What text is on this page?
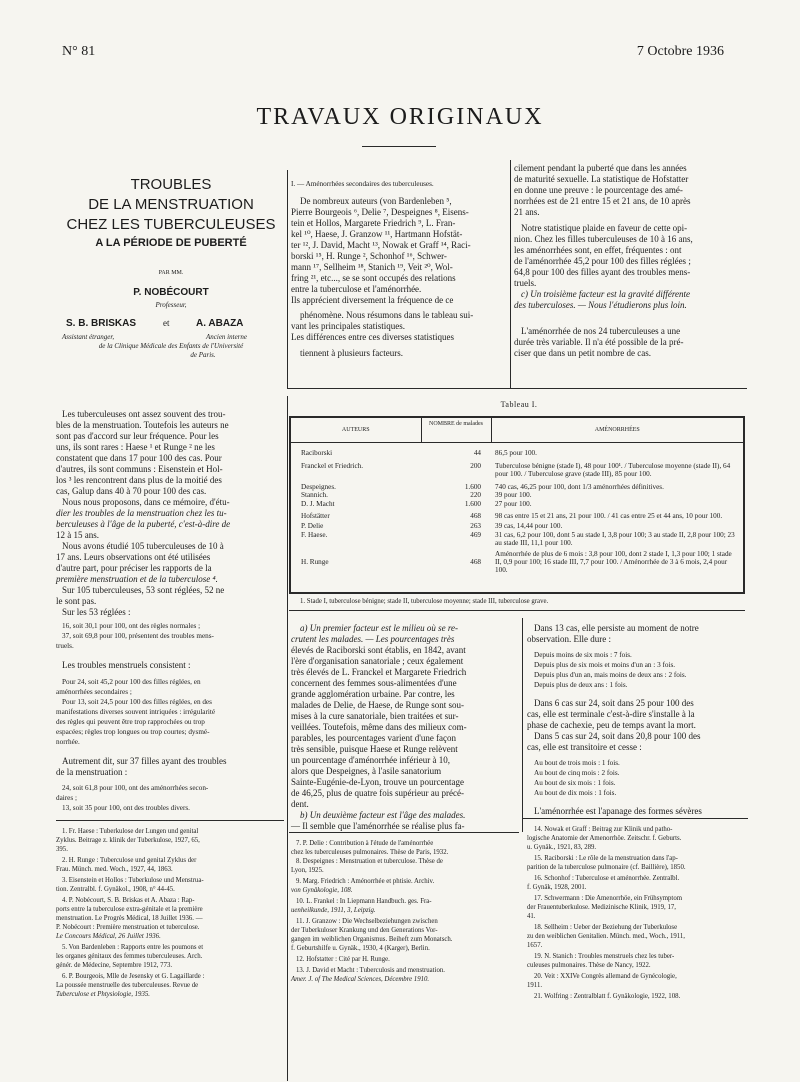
N° 81	7 Octobre 1936
TRAVAUX ORIGINAUX
TROUBLES
DE LA MENSTRUATION
CHEZ LES TUBERCULEUSES
A LA PÉRIODE DE PUBERTÉ
PAR MM.
P. NOBÉCOURT
Professeur,
S. B. BRISKAS	et	A. ABAZA
Assistant étranger,	Ancien interne
de la Clinique Médicale des Enfants de l'Université
de Paris.
Les tuberculeuses ont assez souvent des trou-
bles de la menstruation. Toutefois les auteurs ne
sont pas d'accord sur leur fréquence. Pour les
uns, ils sont rares : Haese ¹ et Runge ² ne les
constatent que dans 17 pour 100 des cas. Pour
d'autres, ils sont communs : Eisenstein et Hol-
los ³ les rencontrent dans plus de la moitié des
cas, Galup dans 40 à 70 pour 100 des cas.
Nous nous proposons, dans ce mémoire, d'étu-
dier les troubles de la menstruation chez les tu-
berculeuses à l'âge de la puberté, c'est-à-dire de
12 à 15 ans.
Nous avons étudié 105 tuberculeuses de 10 à
17 ans. Leurs observations ont été utilisées
d'autre part, pour préciser les rapports de la
première menstruation et de la tuberculose ⁴.
Sur 105 tuberculeuses, 53 sont réglées, 52 ne
le sont pas.
Sur les 53 réglées :
16, soit 30,1 pour 100, ont des règles normales ;
37, soit 69,8 pour 100, présentent des troubles mens-
truels.
Les troubles menstruels consistent :
Pour 24, soit 45,2 pour 100 des filles réglées, en
aménorrhées secondaires ;
Pour 13, soit 24,5 pour 100 des filles réglées, en des
manifestations diverses souvent intriquées : irrégularité
des règles qui peuvent être trop rapprochées ou trop
espacées; règles trop longues ou trop courtes; dysmé-
norrhée.
Autrement dit, sur 37 filles ayant des troubles
de la menstruation :
24, soit 61,8 pour 100, ont des aménorrhées secon-
daires ;
13, soit 35 pour 100, ont des troubles divers.
I. — Aménorrhées secondaires des tuberculeuses.
De nombreux auteurs (von Bardenleben ⁵,
Pierre Bourgeois ⁶, Delie ⁷, Despeignes ⁸, Eisens-
tein et Hollos, Margarete Friedrich ⁹, L. Fran-
kel ¹⁰, Haese, J. Granzow ¹¹, Hartmann Hofstät-
ter ¹², J. David, Macht ¹³, Nowak et Graff ¹⁴, Raci-
borski ¹⁵, H. Runge ², Schonhof ¹⁶, Schwer-
mann ¹⁷, Sellheim ¹⁸, Stanich ¹⁹, Veit ²⁰, Wol-
fring ²¹, etc..., se se sont occupés des relations
entre la tuberculose et l'aménorrhée.
Ils apprécient diversement la fréquence de ce
phénomène. Nous résumons dans le tableau sui-
vant les principales statistiques.
Les différences entre ces diverses statistiques
tiennent à plusieurs facteurs.
cilement pendant la puberté que dans les années
de maturité sexuelle. La statistique de Hofstatter
en donne une preuve : le pourcentage des amé-
norrhées est de 21 entre 15 et 21 ans, de 10 après
21 ans.
Notre statistique plaide en faveur de cette opi-
nion. Chez les filles tuberculeuses de 10 à 16 ans,
les aménorrhées sont, en effet, fréquentes : ont
de l'aménorrhée 45,2 pour 100 des filles réglées ;
64,8 pour 100 des filles ayant des troubles mens-
truels.
c) Un troisième facteur est la gravité différente
des tuberculoses. — Nous l'étudierons plus loin.
L'aménorrhée de nos 24 tuberculeuses a une
durée très variable. Il n'a été possible de la pré-
ciser que dans un petit nombre de cas.
Tableau I.
AUTEURS	NOMBRE de malades	AMÉNORRHÉES
Raciborski	44	86,5 pour 100.
Franckel et Friedrich.	200	Tuberculose bénigne (stade I), 48 pour 100¹. / Tuberculose moyenne (stade II), 64 pour 100. / Tuberculose grave (stade III), 85 pour 100.
Despeignes.	1.600	740 cas, 46,25 pour 100, dont 1/3 aménorrhées définitives.
Stannich.	220	39 pour 100.
D. J. Macht	1.600	27 pour 100.
Hofstätter	468	98 cas entre 15 et 21 ans, 21 pour 100. / 41 cas entre 25 et 44 ans, 10 pour 100.
P. Delie	263	39 cas, 14,44 pour 100.
F. Haese.	469	31 cas, 6,2 pour 100, dont 5 au stade I, 3,8 pour 100; 3 au stade II, 2,8 pour 100; 23 au stade III, 11,1 pour 100.
H. Runge	468	Aménorrhée de plus de 6 mois : 3,8 pour 100, dont 2 stade I, 1,3 pour 100; 1 stade II, 0,9 pour 100; 16 stade III, 7,7 pour 100. / Aménorrhée de 3 à 6 mois, 2,4 pour 100.
1. Stade I, tuberculose bénigne; stade II, tuberculose moyenne; stade III, tuberculose grave.
a) Un premier facteur est le milieu où se re-
crutent les malades. — Les pourcentages très
élevés de Raciborski sont établis, en 1842, avant
l'ère d'organisation sanatoriale ; ceux également
très élevés de L. Franckel et Margarete Friedrich
concernent des femmes sous-alimentées d'une
grande agglomération urbaine. Par contre, les
malades de Delie, de Haese, de Runge sont sou-
mises à la cure sanatoriale, bien traitées et sur-
veillées. Toutefois, même dans des milieux com-
parables, les pourcentages varient d'une façon
très sensible, puisque Haese et Runge relèvent
un pourcentage d'aménorrhée inférieur à 10,
alors que Despeignes, à l'asile sanatorium
Sainte-Eugénie-de-Lyon, trouve un pourcentage
de 46,25, plus de quatre fois supérieur au précé-
dent.
b) Un deuxième facteur est l'âge des malades.
— Il semble que l'aménorrhée se réalise plus fa-
Dans 13 cas, elle persiste au moment de notre
observation. Elle dure :
Depuis moins de six mois : 7 fois.
Depuis plus de six mois et moins d'un an : 3 fois.
Depuis plus d'un an, mais moins de deux ans : 2 fois.
Depuis plus de deux ans : 1 fois.
Dans 6 cas sur 24, soit dans 25 pour 100 des
cas, elle est terminale c'est-à-dire s'installe à la
phase de cachexie, peu de temps avant la mort.
Dans 5 cas sur 24, soit dans 20,8 pour 100 des
cas, elle est transitoire et cesse :
Au bout de trois mois : 1 fois.
Au bout de cinq mois : 2 fois.
Au bout de six mois : 1 fois.
Au bout de dix mois : 1 fois.
L'aménorrhée est l'apanage des formes sévères
1. Fr. Haese : Tuberkulose der Lungen und genital
Zyklus. Beitrage z. klinik der Tuberkulose, 1927, 65,
395.
2. H. Runge : Tuberculose und genital Zyklus der
Frau. Münch. med. Woch., 1927, 44, 1863.
3. Eisenstein et Hollos : Tuberkulose und Menstrua-
tion. Zentralbl. f. Gynäkol., 1908, n° 44-45.
4. P. Nobécourt, S. B. Briskas et A. Abaza : Rap-
ports entre la tuberculose extra-génitale et la première
menstruation. Le Progrès Médical, 18 Juillet 1936. —
P. Nobécourt : Première menstruation et tuberculose.
Le Concours Médical, 26 Juillet 1936.
5. Von Bardenleben : Rapports entre les poumons et
les organes génitaux des femmes tuberculeuses. Arch.
génér. de Médecine, Septembre 1912, 773.
6. P. Bourgeois, Mlle de Jesensky et G. Lagaillarde :
La poussée menstruelle des tuberculeuses. Revue de
Tuberculose et Phtysiologie, 1935.
7. P. Delie : Contribution à l'étude de l'aménorrhée
chez les tuberculeuses pulmonaires. Thèse de Paris, 1932.
8. Despeignes : Menstruation et tuberculose. Thèse de
Lyon, 1925.
9. Marg. Friedrich : Aménorrhée et phtisie. Archiv.
von Gynäkologie, 108.
10. L. Frankel : In Liepmann Handbuch. ges. Fra-
uenheilkunde, 1911, 3, Leipzig.
11. J. Granzow : Die Wechselbeziehungen zwischen
der Tuberkuloser Krankung und den Generations Vor-
gangen im weiblichen Organismus. Beiheft zum Monatsch.
f. Geburtshilfe u. Gynäk., 1930, 4 (Karger), Berlin.
12. Hofstatter : Cité par H. Runge.
13. J. David et Macht : Tuberculosis and menstruation.
Amer. J. of The Medical Sciences, Décembre 1910.
14. Nowak et Graff : Beitrag zur Klinik und patho-
logische Anatomie der Amenorrhöe. Zeitschr. f. Geburts.
u. Gynäk., 1921, 83, 289.
15. Raciborski : Le rôle de la menstruation dans l'ap-
parition de la tuberculose pulmonaire (cf. Baillière), 1850.
16. Schonhof : Tuberculose et aménorrhée. Zentralbl.
f. Gynäk, 1928, 2001.
17. Schwermann : Die Amenorrhöe, ein Frühsymptom
der Frauentuberkulose. Medizinische Klinik, 1919, 17,
41.
18. Sellheim : Ueber der Beziehung der Tuberkulose
zu den weiblichen Genitalien. Münch. med., Woch., 1911,
1657.
19. N. Stanich : Troubles menstruels chez les tuber-
culeuses pulmonaires. Thèse de Nancy, 1922.
20. Veit : XXIVe Congrès allemand de Gynécologie,
1911.
21. Wolfring : Zentralblatt f. Gynäkologie, 1922, 108.
